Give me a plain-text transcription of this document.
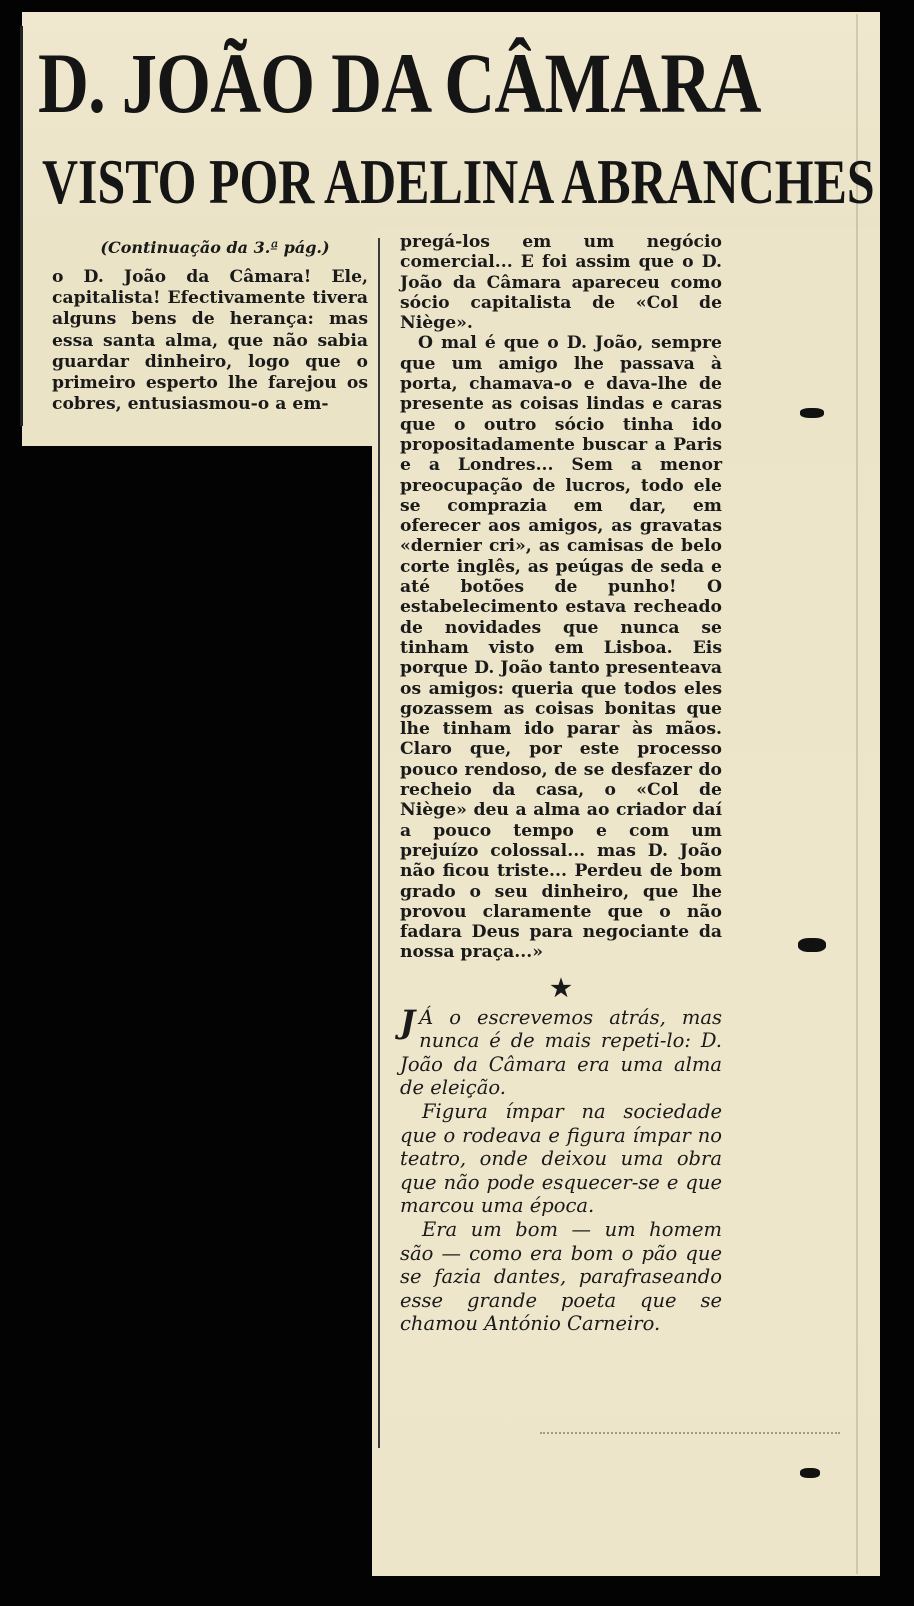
D. JOÃO DA CÂMARA
VISTO POR ADELINA ABRANCHES
(Continuação da 3.ª pág.)

o D. João da Câmara! Ele, capitalista! Efectivamente tivera alguns bens de herança: mas essa santa alma, que não sabia guardar dinheiro, logo que o primeiro esperto lhe farejou os cobres, entusiasmou-o a em-

pregá-los em um negócio comercial... E foi assim que o D. João da Câmara apareceu como sócio capitalista de «Col de Niège».

O mal é que o D. João, sempre que um amigo lhe passava à porta, chamava-o e dava-lhe de presente as coisas lindas e caras que o outro sócio tinha ido propositadamente buscar a Paris e a Londres... Sem a menor preocupação de lucros, todo ele se comprazia em dar, em oferecer aos amigos, as gravatas «dernier cri», as camisas de belo corte inglês, as peúgas de seda e até botões de punho! O estabelecimento estava recheado de novidades que nunca se tinham visto em Lisboa. Eis porque D. João tanto presenteava os amigos: queria que todos eles gozassem as coisas bonitas que lhe tinham ido parar às mãos. Claro que, por este processo pouco rendoso, de se desfazer do recheio da casa, o «Col de Niège» deu a alma ao criador daí a pouco tempo e com um prejuízo colossal... mas D. João não ficou triste... Perdeu de bom grado o seu dinheiro, que lhe provou claramente que o não fadara Deus para negociante da nossa praça...»

★

J Á o escrevemos atrás, mas nunca é de mais repeti-lo: D. João da Câmara era uma alma de eleição.

Figura ímpar na sociedade que o rodeava e figura ímpar no teatro, onde deixou uma obra que não pode esquecer-se e que marcou uma época.

Era um bom — um homem são — como era bom o pão que se fazia dantes, parafraseando esse grande poeta que se chamou António Carneiro.
